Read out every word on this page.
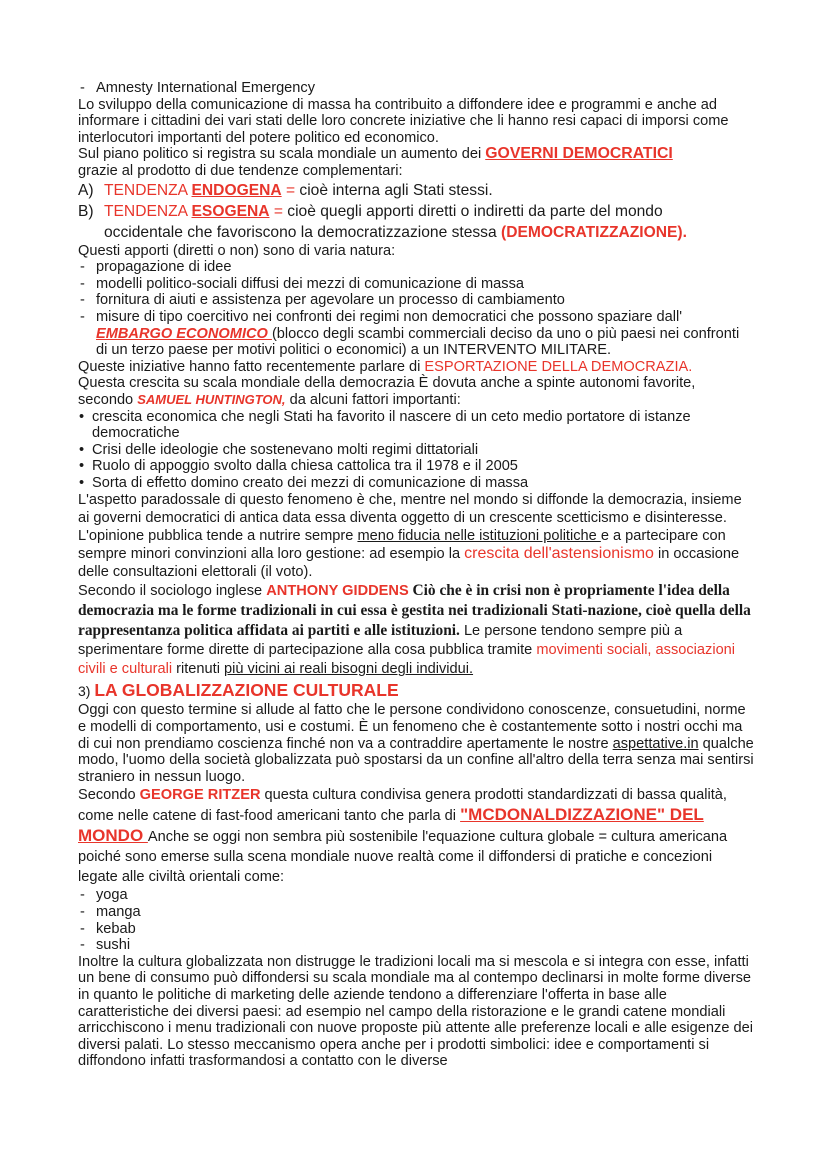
- Amnesty International Emergency

Lo sviluppo della comunicazione di massa ha contribuito a diffondere idee e programmi e anche ad informare i cittadini dei vari stati delle loro concrete iniziative che li hanno resi capaci di imporsi come interlocutori importanti del potere politico ed economico.

Sul piano politico si registra su scala mondiale un aumento dei GOVERNI DEMOCRATICI
grazie al prodotto di due tendenze complementari:

A) TENDENZA ENDOGENA = cioè interna agli Stati stessi.
B) TENDENZA ESOGENA = cioè quegli apporti diretti o indiretti da parte del mondo
occidentale che favoriscono la democratizzazione stessa (DEMOCRATIZZAZIONE).

Questi apporti (diretti o non) sono di varia natura:

- propagazione di idee
- modelli politico-sociali diffusi dei mezzi di comunicazione di massa
- fornitura di aiuti e assistenza per agevolare un processo di cambiamento
- misure di tipo coercitivo nei confronti dei regimi non democratici che possono spaziare dall' EMBARGO ECONOMICO (blocco degli scambi commerciali deciso da uno o più paesi nei confronti di un terzo paese per motivi politici o economici) a un INTERVENTO MILITARE.

Queste iniziative hanno fatto recentemente parlare di ESPORTAZIONE DELLA DEMOCRAZIA.

Questa crescita su scala mondiale della democrazia È dovuta anche a spinte autonomi favorite, secondo SAMUEL HUNTINGTON, da alcuni fattori importanti:

• crescita economica che negli Stati ha favorito il nascere di un ceto medio portatore di istanze democratiche
• Crisi delle ideologie che sostenevano molti regimi dittatoriali
• Ruolo di appoggio svolto dalla chiesa cattolica tra il 1978 e il 2005
• Sorta di effetto domino creato dei mezzi di comunicazione di massa

L'aspetto paradossale di questo fenomeno è che, mentre nel mondo si diffonde la democrazia, insieme ai governi democratici di antica data essa diventa oggetto di un crescente scetticismo e disinteresse. L'opinione pubblica tende a nutrire sempre meno fiducia nelle istituzioni politiche e a partecipare con sempre minori convinzioni alla loro gestione: ad esempio la crescita dell'astensionismo in occasione delle consultazioni elettorali (il voto).

Secondo il sociologo inglese ANTHONY GIDDENS Ciò che è in crisi non è propriamente l'idea della democrazia ma le forme tradizionali in cui essa è gestita nei tradizionali Stati-nazione, cioè quella della rappresentanza politica affidata ai partiti e alle istituzioni. Le persone tendono sempre più a sperimentare forme dirette di partecipazione alla cosa pubblica tramite movimenti sociali, associazioni civili e culturali ritenuti più vicini ai reali bisogni degli individui.

3) LA GLOBALIZZAZIONE CULTURALE

Oggi con questo termine si allude al fatto che le persone condividono conoscenze, consuetudini, norme e modelli di comportamento, usi e costumi. È un fenomeno che è costantemente sotto i nostri occhi ma di cui non prendiamo coscienza finché non va a contraddire apertamente le nostre aspettative.in qualche modo, l'uomo della società globalizzata può spostarsi da un confine all'altro della terra senza mai sentirsi straniero in nessun luogo.

Secondo GEORGE RITZER questa cultura condivisa genera prodotti standardizzati di bassa qualità, come nelle catene di fast-food americani tanto che parla di "MCDONALDIZZAZIONE" DEL MONDO Anche se oggi non sembra più sostenibile l'equazione cultura globale = cultura americana poiché sono emerse sulla scena mondiale nuove realtà come il diffondersi di pratiche e concezioni legate alle civiltà orientali come:

- yoga
- manga
- kebab
- sushi

Inoltre la cultura globalizzata non distrugge le tradizioni locali ma si mescola e si integra con esse, infatti un bene di consumo può diffondersi su scala mondiale ma al contempo declinarsi in molte forme diverse in quanto le politiche di marketing delle aziende tendono a differenziare l'offerta in base alle caratteristiche dei diversi paesi: ad esempio nel campo della ristorazione e le grandi catene mondiali arricchiscono i menu tradizionali con nuove proposte più attente alle preferenze locali e alle esigenze dei diversi palati. Lo stesso meccanismo opera anche per i prodotti simbolici: idee e comportamenti si diffondono infatti trasformandosi a contatto con le diverse
